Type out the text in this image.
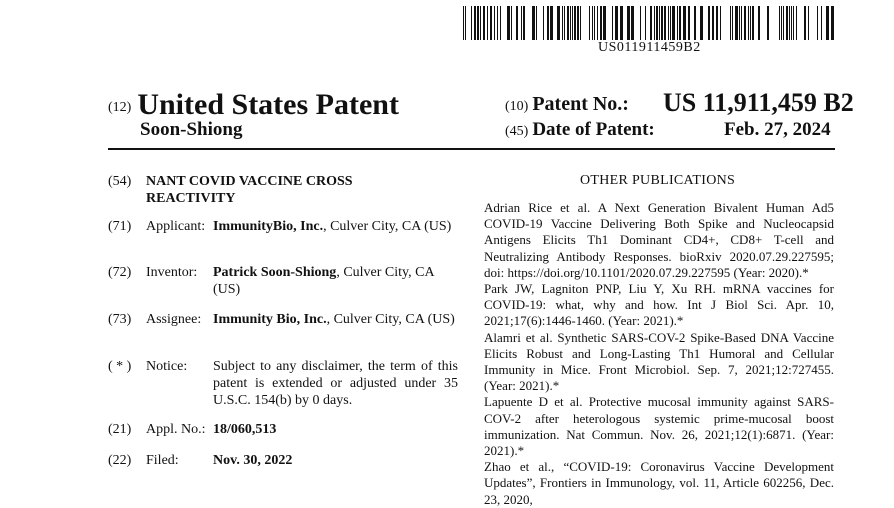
US011911459B2
(12) United States Patent
Soon-Shiong
(10) Patent No.: US 11,911,459 B2
(45) Date of Patent:	Feb. 27, 2024
(54) NANT COVID VACCINE CROSS REACTIVITY
(71) Applicant: ImmunityBio, Inc., Culver City, CA (US)
(72) Inventor: Patrick Soon-Shiong, Culver City, CA (US)
(73) Assignee: Immunity Bio, Inc., Culver City, CA (US)
( * ) Notice: Subject to any disclaimer, the term of this patent is extended or adjusted under 35 U.S.C. 154(b) by 0 days.
(21) Appl. No.: 18/060,513
(22) Filed: Nov. 30, 2022
OTHER PUBLICATIONS

Adrian Rice et al. A Next Generation Bivalent Human Ad5 COVID-19 Vaccine Delivering Both Spike and Nucleocapsid Antigens Elicits Th1 Dominant CD4+, CD8+ T-cell and Neutralizing Antibody Responses. bioRxiv 2020.07.29.227595; doi: https://doi.org/10.1101/2020.07.29.227595 (Year: 2020).*

Park JW, Lagniton PNP, Liu Y, Xu RH. mRNA vaccines for COVID-19: what, why and how. Int J Biol Sci. Apr. 10, 2021;17(6):1446-1460. (Year: 2021).*

Alamri et al. Synthetic SARS-COV-2 Spike-Based DNA Vaccine Elicits Robust and Long-Lasting Th1 Humoral and Cellular Immunity in Mice. Front Microbiol. Sep. 7, 2021;12:727455. (Year: 2021).*

Lapuente D et al. Protective mucosal immunity against SARS-COV-2 after heterologous systemic prime-mucosal boost immunization. Nat Commun. Nov. 26, 2021;12(1):6871. (Year: 2021).*

Zhao et al., “COVID-19: Coronavirus Vaccine Development Updates”, Frontiers in Immunology, vol. 11, Article 602256, Dec. 23, 2020,
